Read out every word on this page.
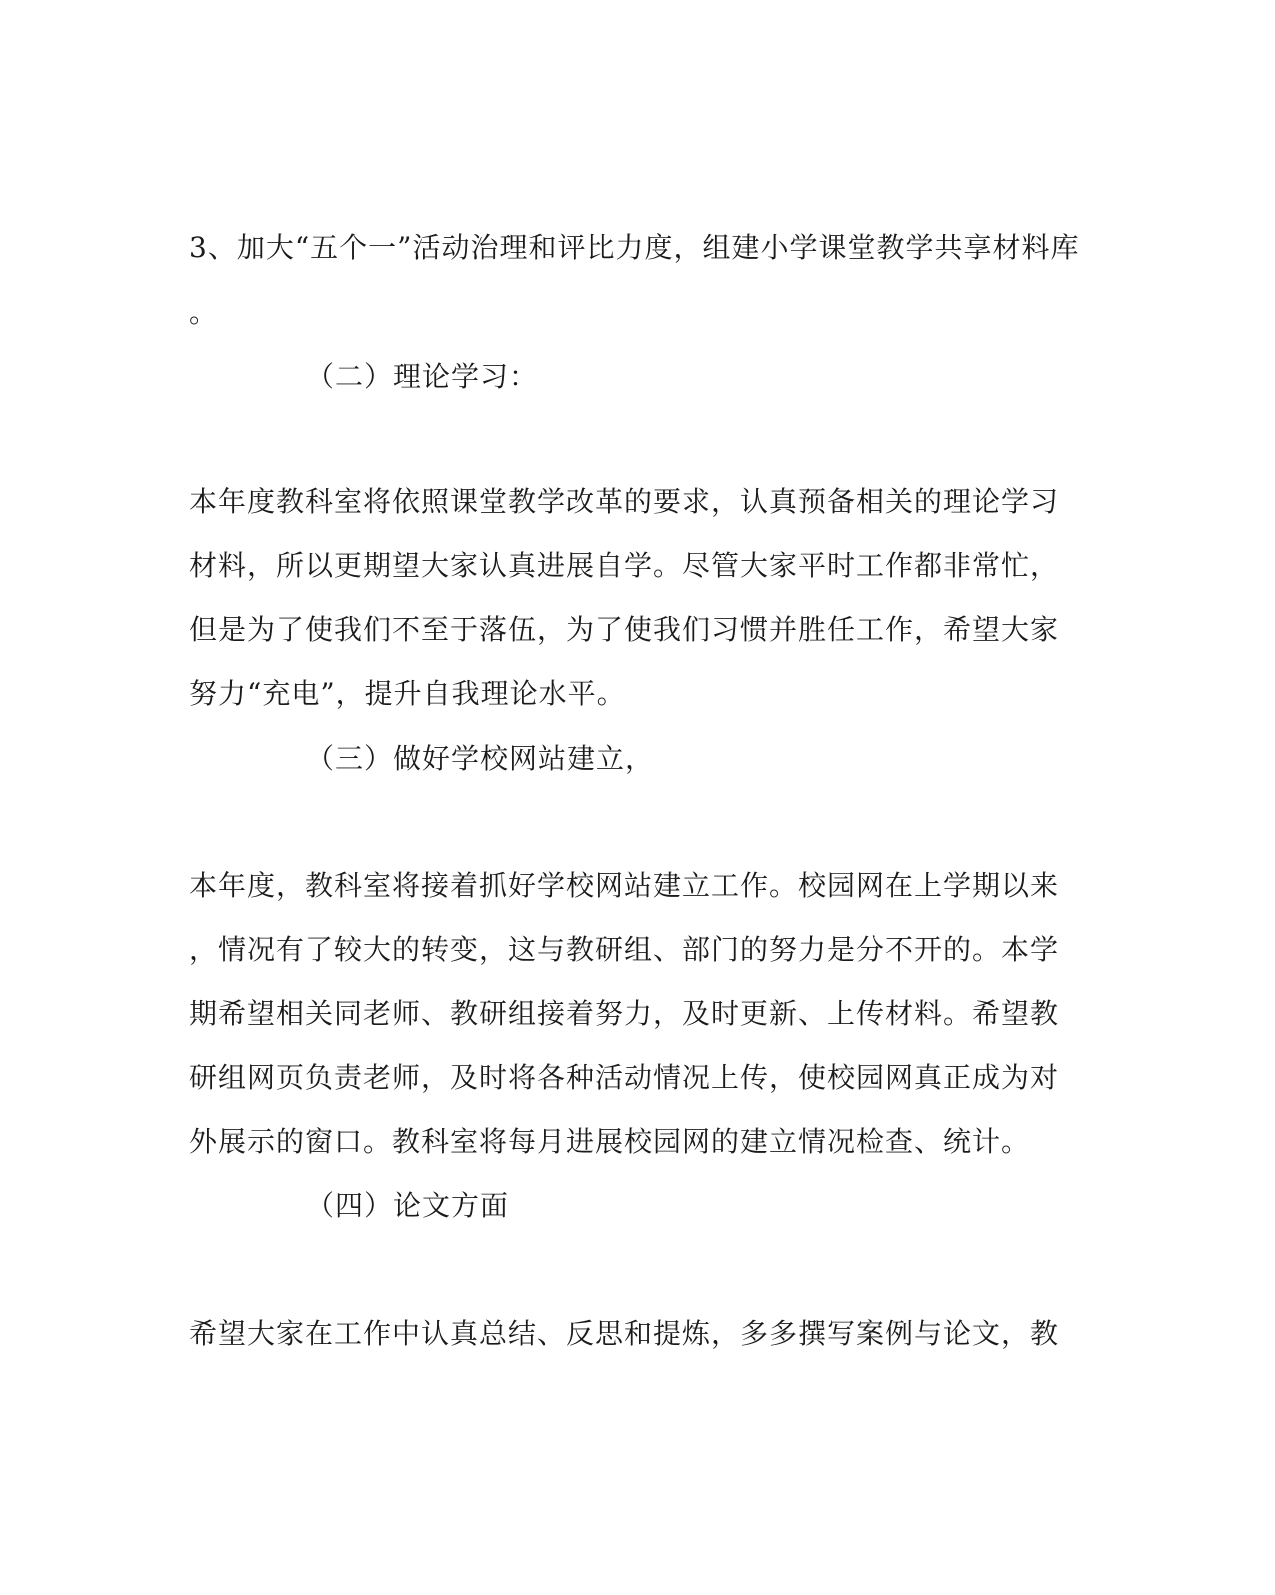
3、加大“五个一”活动治理和评比力度，组建小学课堂教学共享材料库
。
（二）理论学习：
本年度教科室将依照课堂教学改革的要求，认真预备相关的理论学习
材料，所以更期望大家认真进展自学。尽管大家平时工作都非常忙，
但是为了使我们不至于落伍，为了使我们习惯并胜任工作，希望大家
努力“充电”，提升自我理论水平。
（三）做好学校网站建立，
本年度，教科室将接着抓好学校网站建立工作。校园网在上学期以来
，情况有了较大的转变，这与教研组、部门的努力是分不开的。本学
期希望相关同老师、教研组接着努力，及时更新、上传材料。希望教
研组网页负责老师，及时将各种活动情况上传，使校园网真正成为对
外展示的窗口。教科室将每月进展校园网的建立情况检查、统计。
（四）论文方面
希望大家在工作中认真总结、反思和提炼，多多撰写案例与论文，教
